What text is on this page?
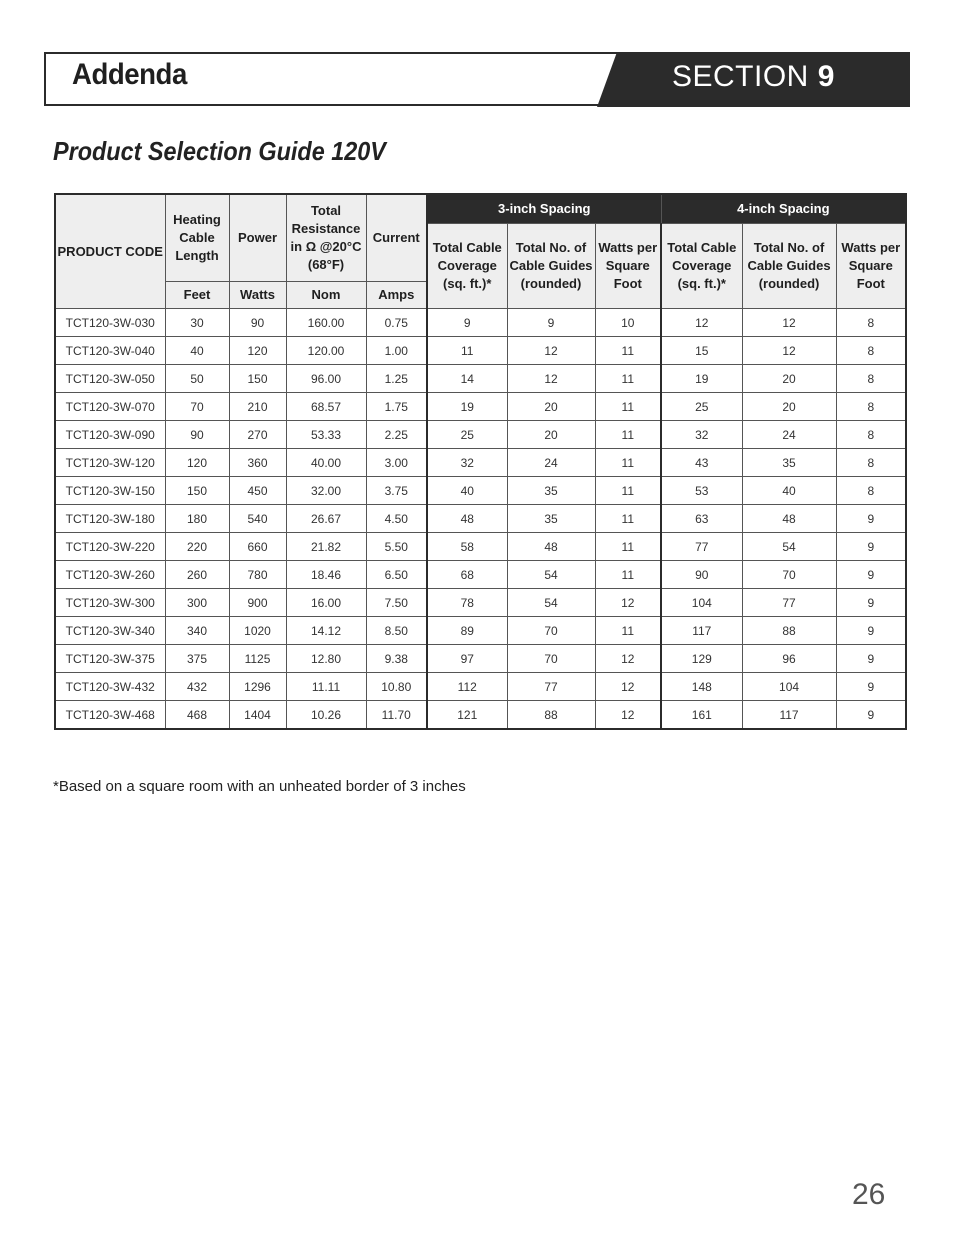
Addenda	SECTION 9
Product Selection Guide 120V
PRODUCT CODE	Heating Cable Length	Power	Total Resistance in Ω @20°C (68°F)	Current	3-inch Spacing			4-inch Spacing		
					Total Cable Coverage (sq. ft.)*	Total No. of Cable Guides (rounded)	Watts per Square Foot	Total Cable Coverage (sq. ft.)*	Total No. of Cable Guides (rounded)	Watts per Square Foot
	Feet	Watts	Nom	Amps						
TCT120-3W-030	30	90	160.00	0.75	9	9	10	12	12	8
TCT120-3W-040	40	120	120.00	1.00	11	12	11	15	12	8
TCT120-3W-050	50	150	96.00	1.25	14	12	11	19	20	8
TCT120-3W-070	70	210	68.57	1.75	19	20	11	25	20	8
TCT120-3W-090	90	270	53.33	2.25	25	20	11	32	24	8
TCT120-3W-120	120	360	40.00	3.00	32	24	11	43	35	8
TCT120-3W-150	150	450	32.00	3.75	40	35	11	53	40	8
TCT120-3W-180	180	540	26.67	4.50	48	35	11	63	48	9
TCT120-3W-220	220	660	21.82	5.50	58	48	11	77	54	9
TCT120-3W-260	260	780	18.46	6.50	68	54	11	90	70	9
TCT120-3W-300	300	900	16.00	7.50	78	54	12	104	77	9
TCT120-3W-340	340	1020	14.12	8.50	89	70	11	117	88	9
TCT120-3W-375	375	1125	12.80	9.38	97	70	12	129	96	9
TCT120-3W-432	432	1296	11.11	10.80	112	77	12	148	104	9
TCT120-3W-468	468	1404	10.26	11.70	121	88	12	161	117	9
*Based on a square room with an unheated border of 3 inches
26
